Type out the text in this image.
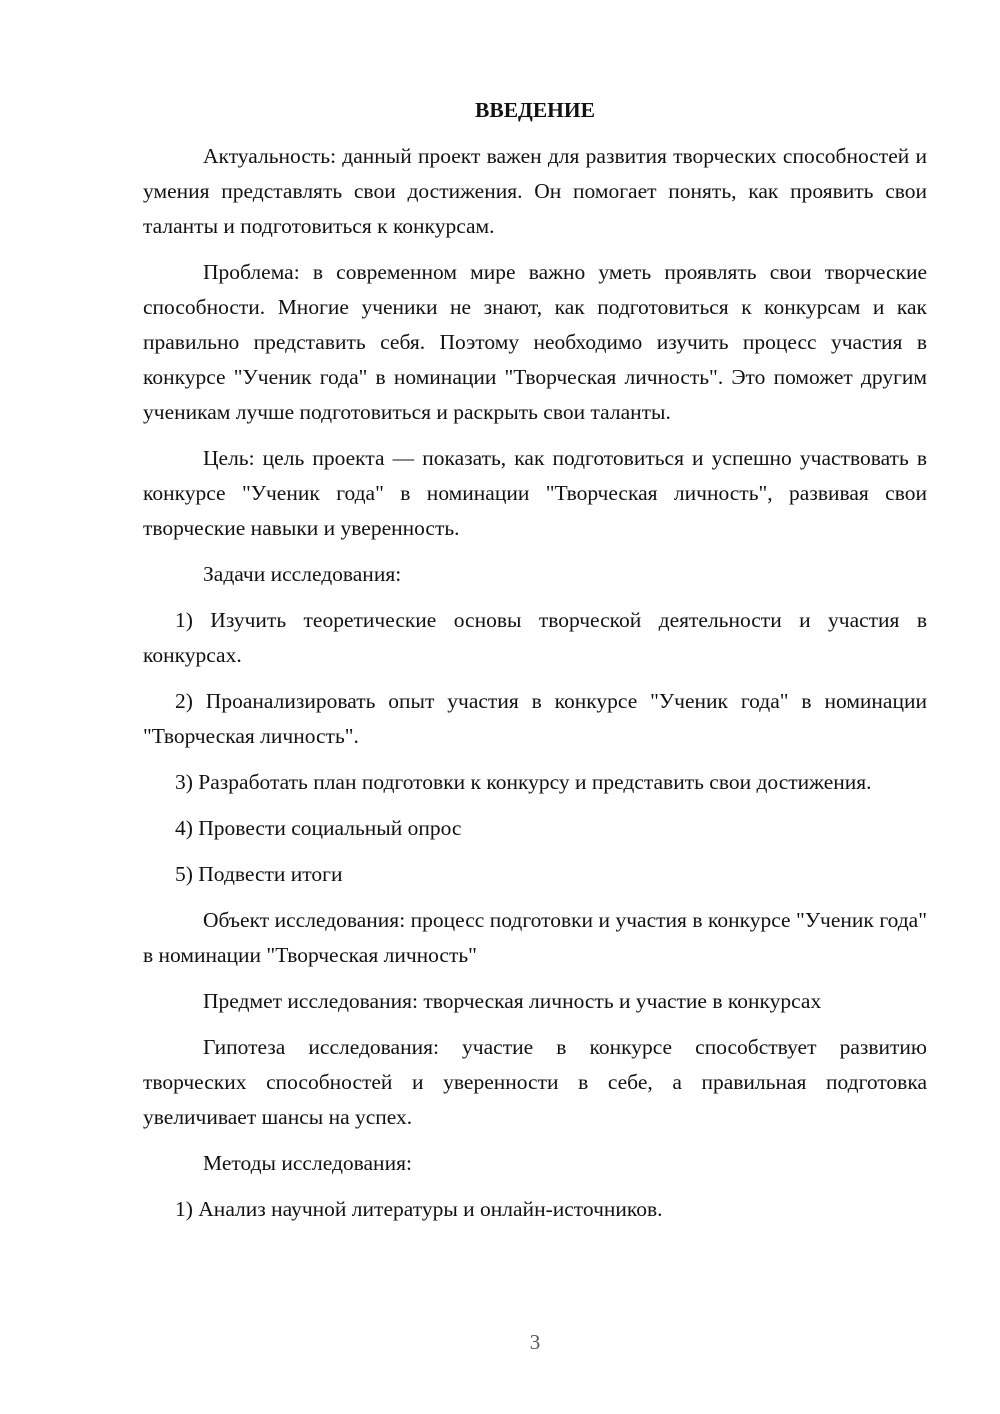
ВВЕДЕНИЕ

Актуальность: данный проект важен для развития творческих способностей и умения представлять свои достижения. Он помогает понять, как проявить свои таланты и подготовиться к конкурсам.

Проблема: в современном мире важно уметь проявлять свои творческие способности. Многие ученики не знают, как подготовиться к конкурсам и как правильно представить себя. Поэтому необходимо изучить процесс участия в конкурсе "Ученик года" в номинации "Творческая личность". Это поможет другим ученикам лучше подготовиться и раскрыть свои таланты.

Цель: цель проекта — показать, как подготовиться и успешно участвовать в конкурсе "Ученик года" в номинации "Творческая личность", развивая свои творческие навыки и уверенность.

Задачи исследования:

1) Изучить теоретические основы творческой деятельности и участия в конкурсах.

2) Проанализировать опыт участия в конкурсе "Ученик года" в номинации "Творческая личность".

3) Разработать план подготовки к конкурсу и представить свои достижения.

4) Провести социальный опрос

5) Подвести итоги

Объект исследования: процесс подготовки и участия в конкурсе "Ученик года" в номинации "Творческая личность"

Предмет исследования: творческая личность и участие в конкурсах

Гипотеза исследования: участие в конкурсе способствует развитию творческих способностей и уверенности в себе, а правильная подготовка увеличивает шансы на успех.

Методы исследования:

1) Анализ научной литературы и онлайн-источников.

3
